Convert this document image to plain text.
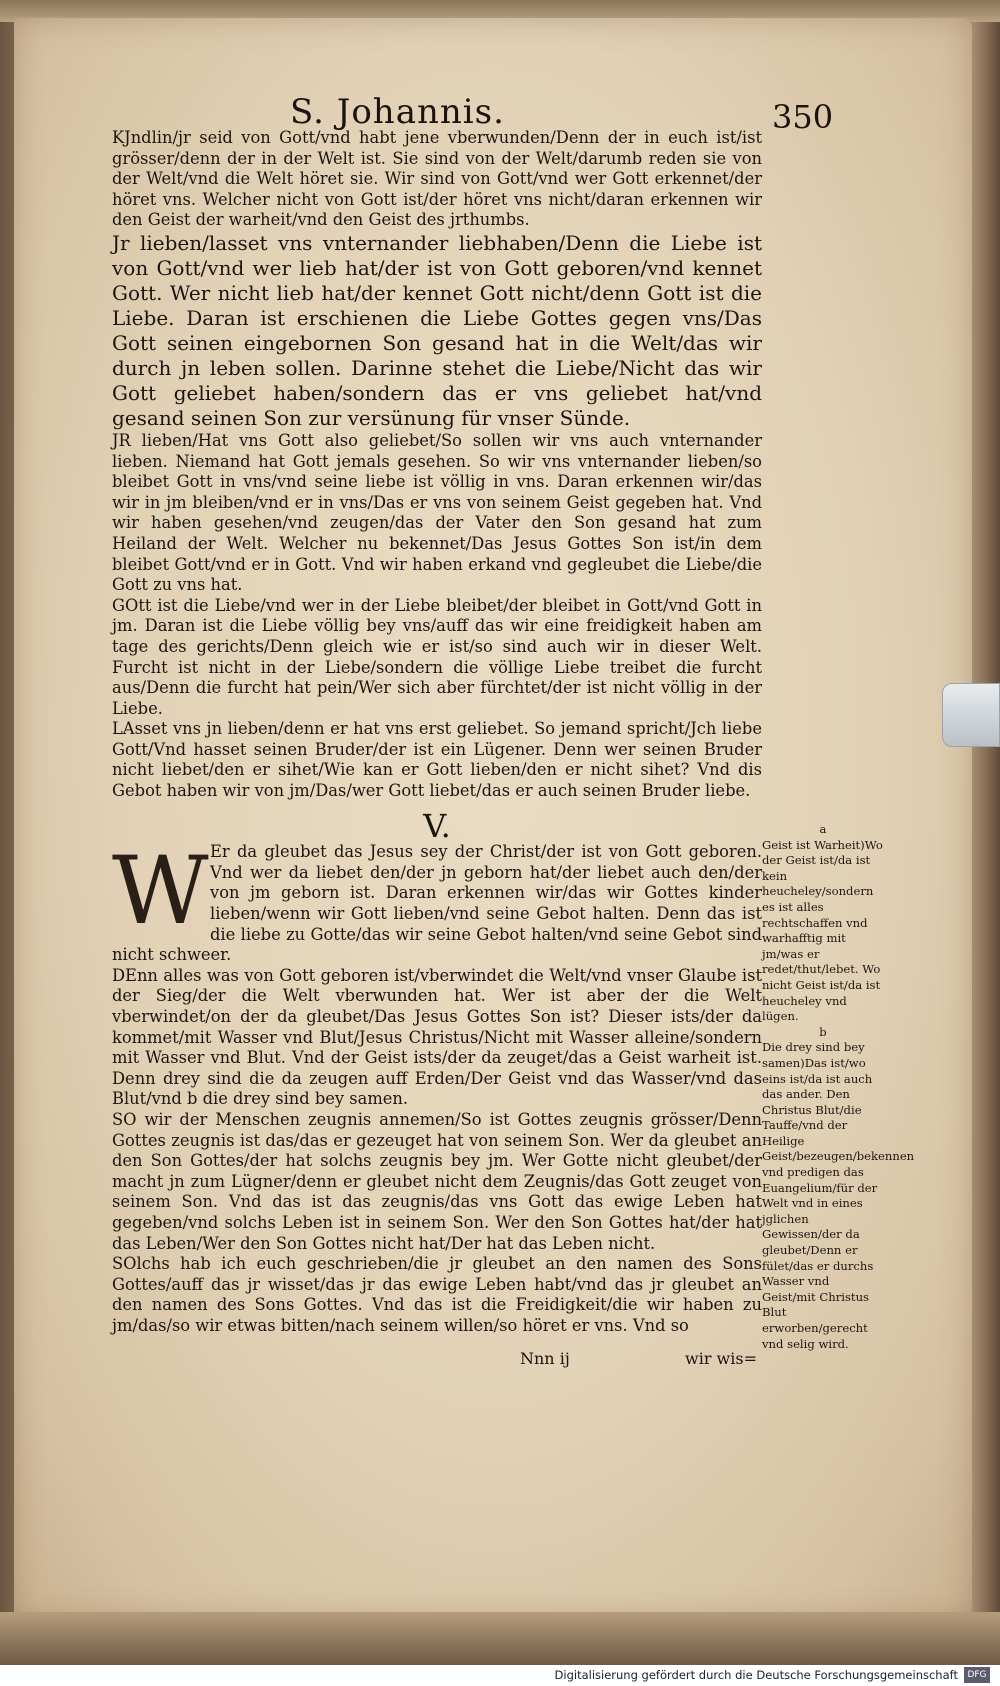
S. Johannis.	350

KJndlin/jr seid von Gott/vnd habt jene vberwunden/Denn der in euch ist/ist grösser/denn der in der Welt ist. Sie sind von der Welt/darumb reden sie von der Welt/vnd die Welt höret sie. Wir sind von Gott/vnd wer Gott erkennet/der höret vns. Welcher nicht von Gott ist/der höret vns nicht/daran erkennen wir den Geist der warheit/vnd den Geist des jrthumbs.

Jr lieben/lasset vns vnternander liebhaben/Denn die Liebe ist von Gott/vnd wer lieb hat/der ist von Gott geboren/vnd kennet Gott. Wer nicht lieb hat/der kennet Gott nicht/denn Gott ist die Liebe. Daran ist erschienen die Liebe Gottes gegen vns/Das Gott seinen eingebornen Son gesand hat in die Welt/das wir durch jn leben sollen. Darinne stehet die Liebe/Nicht das wir Gott geliebet haben/sondern das er vns geliebet hat/vnd gesand seinen Son zur versünung für vnser Sünde.

JR lieben/Hat vns Gott also geliebet/So sollen wir vns auch vnternander lieben. Niemand hat Gott jemals gesehen. So wir vns vnternander lieben/so bleibet Gott in vns/vnd seine liebe ist völlig in vns. Daran erkennen wir/das wir in jm bleiben/vnd er in vns/Das er vns von seinem Geist gegeben hat. Vnd wir haben gesehen/vnd zeugen/das der Vater den Son gesand hat zum Heiland der Welt. Welcher nu bekennet/Das Jesus Gottes Son ist/in dem bleibet Gott/vnd er in Gott. Vnd wir haben erkand vnd gegleubet die Liebe/die Gott zu vns hat.

GOtt ist die Liebe/vnd wer in der Liebe bleibet/der bleibet in Gott/vnd Gott in jm. Daran ist die Liebe völlig bey vns/auff das wir eine freidigkeit haben am tage des gerichts/Denn gleich wie er ist/so sind auch wir in dieser Welt. Furcht ist nicht in der Liebe/sondern die völlige Liebe treibet die furcht aus/Denn die furcht hat pein/Wer sich aber fürchtet/der ist nicht völlig in der Liebe.

LAsset vns jn lieben/denn er hat vns erst geliebet. So jemand spricht/Jch liebe Gott/Vnd hasset seinen Bruder/der ist ein Lügener. Denn wer seinen Bruder nicht liebet/den er sihet/Wie kan er Gott lieben/den er nicht sihet? Vnd dis Gebot haben wir von jm/Das/wer Gott liebet/das er auch seinen Bruder liebe.

V.

W Er da gleubet das Jesus sey der Christ/der ist von Gott geboren. Vnd wer da liebet den/der jn geborn hat/der liebet auch den/der von jm geborn ist. Daran erkennen wir/das wir Gottes kinder lieben/wenn wir Gott lieben/vnd seine Gebot halten. Denn das ist die liebe zu Gotte/das wir seine Gebot halten/vnd seine Gebot sind nicht schweer.

DEnn alles was von Gott geboren ist/vberwindet die Welt/vnd vnser Glaube ist der Sieg/der die Welt vberwunden hat. Wer ist aber der die Welt vberwindet/on der da gleubet/Das Jesus Gottes Son ist? Dieser ists/der da kommet/mit Wasser vnd Blut/Jesus Christus/Nicht mit Wasser alleine/sondern mit Wasser vnd Blut. Vnd der Geist ists/der da zeuget/das a Geist warheit ist. Denn drey sind die da zeugen auff Erden/Der Geist vnd das Wasser/vnd das Blut/vnd b die drey sind bey samen.

SO wir der Menschen zeugnis annemen/So ist Gottes zeugnis grösser/Denn Gottes zeugnis ist das/das er gezeuget hat von seinem Son. Wer da gleubet an den Son Gottes/der hat solchs zeugnis bey jm. Wer Gotte nicht gleubet/der macht jn zum Lügner/denn er gleubet nicht dem Zeugnis/das Gott zeuget von seinem Son. Vnd das ist das zeugnis/das vns Gott das ewige Leben hat gegeben/vnd solchs Leben ist in seinem Son. Wer den Son Gottes hat/der hat das Leben/Wer den Son Gottes nicht hat/Der hat das Leben nicht.

SOlchs hab ich euch geschrieben/die jr gleubet an den namen des Sons Gottes/auff das jr wisset/das jr das ewige Leben habt/vnd das jr gleubet an den namen des Sons Gottes. Vnd das ist die Freidigkeit/die wir haben zu jm/das/so wir etwas bitten/nach seinem willen/so höret er vns. Vnd so

a
Geist ist Warheit)Wo der Geist ist/da ist kein heucheley/sondern es ist alles rechtschaffen vnd warhafftig mit jm/was er redet/thut/lebet. Wo nicht Geist ist/da ist heucheley vnd lügen.
b
Die drey sind bey samen)Das ist/wo eins ist/da ist auch das ander. Den Christus Blut/die Tauffe/vnd der Heilige Geist/bezeugen/bekennen vnd predigen das Euangelium/für der Welt vnd in eines jglichen Gewissen/der da gleubet/Denn er fület/das er durchs Wasser vnd Geist/mit Christus Blut erworben/gerecht vnd selig wird.
Nnn ij	wir wis=
Digitalisierung gefördert durch die Deutsche Forschungsgemeinschaft	DFG
